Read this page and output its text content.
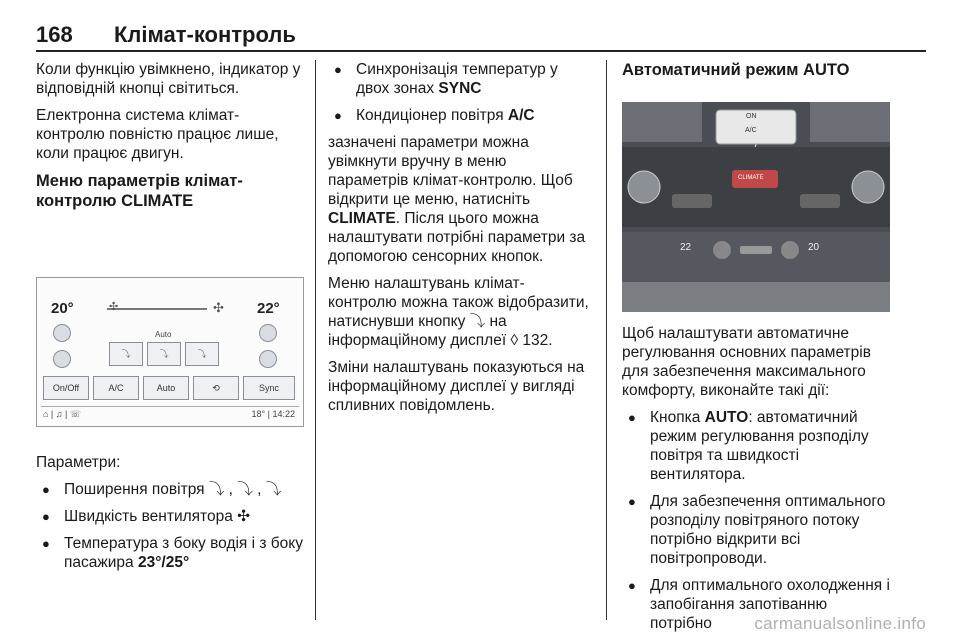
168 Клімат-контроль

Коли функцію увімкнено, індикатор у відповідній кнопці світиться.

Електронна система клімат-контролю повністю працює лише, коли працює двигун.

Меню параметрів клімат-контролю CLIMATE
20°	22°
✣	✣
Auto
⤵	⤵	⤵
On/Off	A/C	Auto	⟲	Sync
⌂ | ♫ | ☏	18° | 14:22

Параметри:

● Поширення повітря ⤵ , ⤵ , ⤵
● Швидкість вентилятора ✣
● Температура з боку водія і з боку пасажира 23°/25°
● Синхронізація температур у двох зонах SYNC
● Кондиціонер повітря A/C

зазначені параметри можна увімкнути вручну в меню параметрів клімат-контролю. Щоб відкрити це меню, натисніть CLIMATE. Після цього можна налаштувати потрібні параметри за допомогою сенсорних кнопок.

Меню налаштувань клімат-контролю можна також відобразити, натиснувши кнопку ⤵ на інформаційному дисплеї ◊ 132.

Зміни налаштувань показуються на інформаційному дисплеї у вигляді спливних повідомлень.

Автоматичний режим AUTO
ON
A/C
CLIMATE
22	20

Щоб налаштувати автоматичне регулювання основних параметрів для забезпечення максимального комфорту, виконайте такі дії:

● Кнопка AUTO: автоматичний режим регулювання розподілу повітря та швидкості вентилятора.
● Для забезпечення оптимального розподілу повітряного потоку потрібно відкрити всі повітропроводи.
● Для оптимального охолодження і запобігання запотіванню потрібно	carmanualsonline.info
